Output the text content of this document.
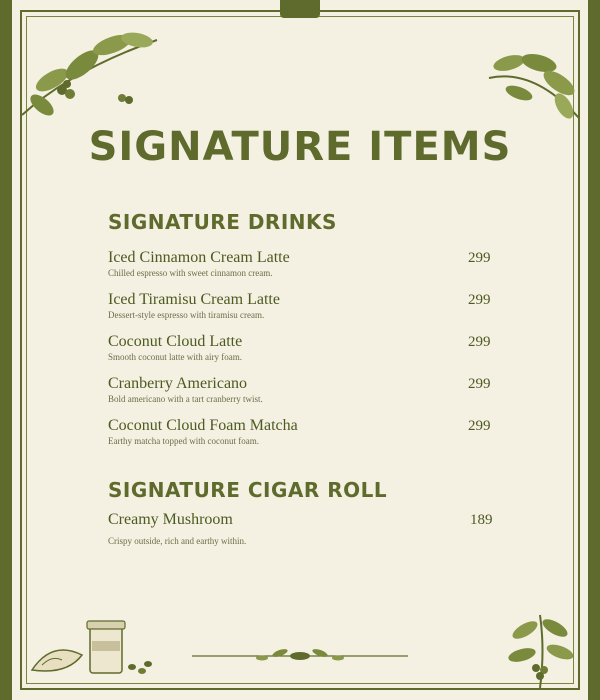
SIGNATURE ITEMS
SIGNATURE DRINKS
Iced Cinnamon Cream Latte
Chilled espresso with sweet cinnamon cream.
299
Iced Tiramisu Cream Latte
Dessert-style espresso with tiramisu cream.
299
Coconut Cloud Latte
Smooth coconut latte with airy foam.
299
Cranberry Americano
Bold americano with a tart cranberry twist.
299
Coconut Cloud Foam Matcha
Earthy matcha topped with coconut foam.
299
SIGNATURE CIGAR ROLL
Creamy Mushroom
Crispy outside, rich and earthy within.
189
